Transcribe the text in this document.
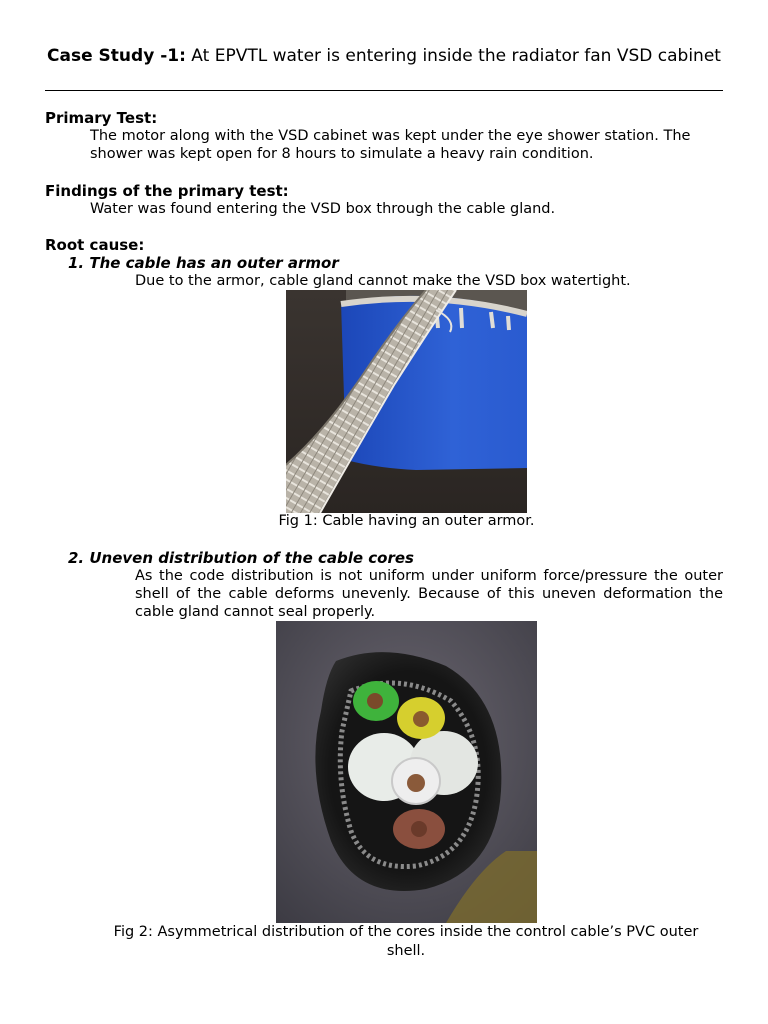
Case Study -1: At EPVTL water is entering inside the radiator fan VSD cabinet
Primary Test:
The motor along with the VSD cabinet was kept under the eye shower station. The shower was kept open for 8 hours to simulate a heavy rain condition.
Findings of the primary test:
Water was found entering the VSD box through the cable gland.
Root cause:
1. The cable has an outer armor
Due to the armor, cable gland cannot make the VSD box watertight.
Fig 1: Cable having an outer armor.
2. Uneven distribution of the cable cores
As the code distribution is not uniform under uniform force/pressure the outer shell of the cable deforms unevenly. Because of this uneven deformation the cable gland cannot seal properly.
Fig 2: Asymmetrical distribution of the cores inside the control cable’s PVC outer shell.
